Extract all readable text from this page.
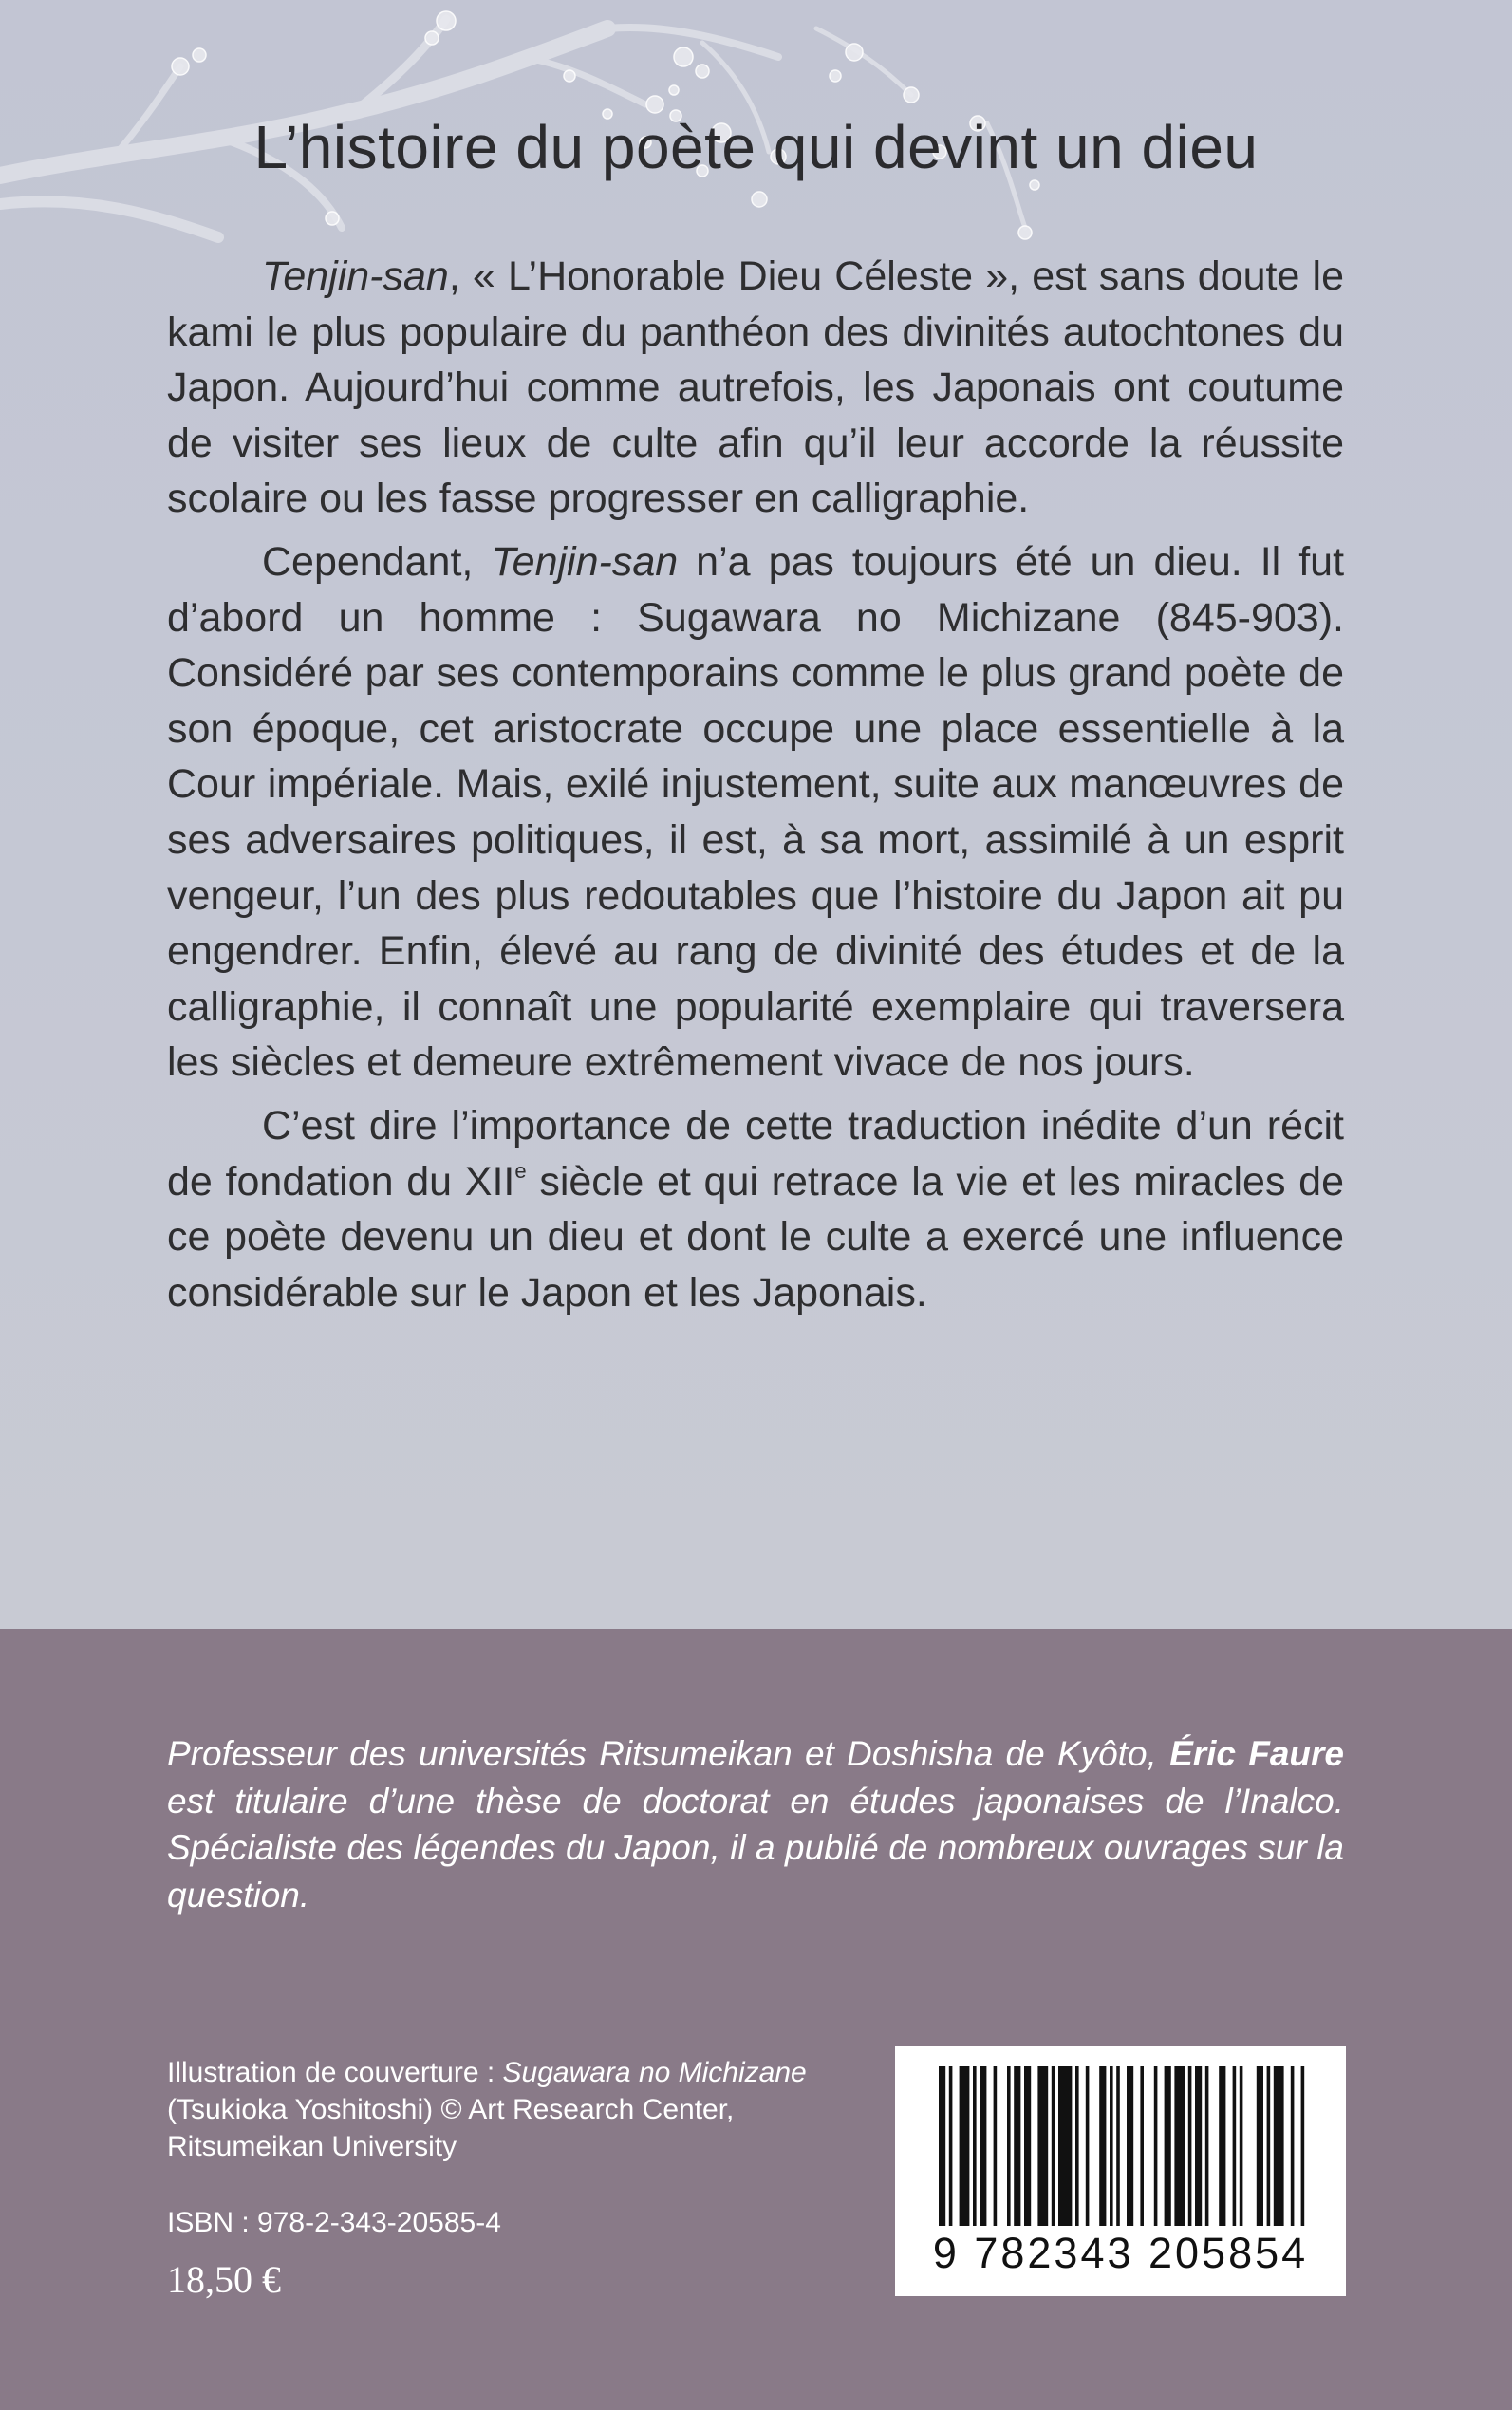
L’histoire du poète qui devint un dieu

Tenjin-san, « L’Honorable Dieu Céleste », est sans doute le kami le plus populaire du panthéon des divinités autochtones du Japon. Aujourd’hui comme autrefois, les Japonais ont coutume de visiter ses lieux de culte afin qu’il leur accorde la réussite scolaire ou les fasse progresser en calligraphie.

Cependant, Tenjin-san n’a pas toujours été un dieu. Il fut d’abord un homme : Sugawara no Michizane (845-903). Considéré par ses contemporains comme le plus grand poète de son époque, cet aristocrate occupe une place essentielle à la Cour impériale. Mais, exilé injustement, suite aux manœuvres de ses adversaires politiques, il est, à sa mort, assimilé à un esprit vengeur, l’un des plus redoutables que l’histoire du Japon ait pu engendrer. Enfin, élevé au rang de divinité des études et de la calligraphie, il connaît une popularité exemplaire qui traversera les siècles et demeure extrêmement vivace de nos jours.

C’est dire l’importance de cette traduction inédite d’un récit de fondation du XIIe siècle et qui retrace la vie et les miracles de ce poète devenu un dieu et dont le culte a exercé une influence considérable sur le Japon et les Japonais.

Professeur des universités Ritsumeikan et Doshisha de Kyôto, Éric Faure est titulaire d’une thèse de doctorat en études japonaises de l’Inalco. Spécialiste des légendes du Japon, il a publié de nombreux ouvrages sur la question.

Illustration de couverture : Sugawara no Michizane
(Tsukioka Yoshitoshi) © Art Research Center,
Ritsumeikan University
ISBN : 978-2-343-20585-4
18,50 €
9 782343 205854
